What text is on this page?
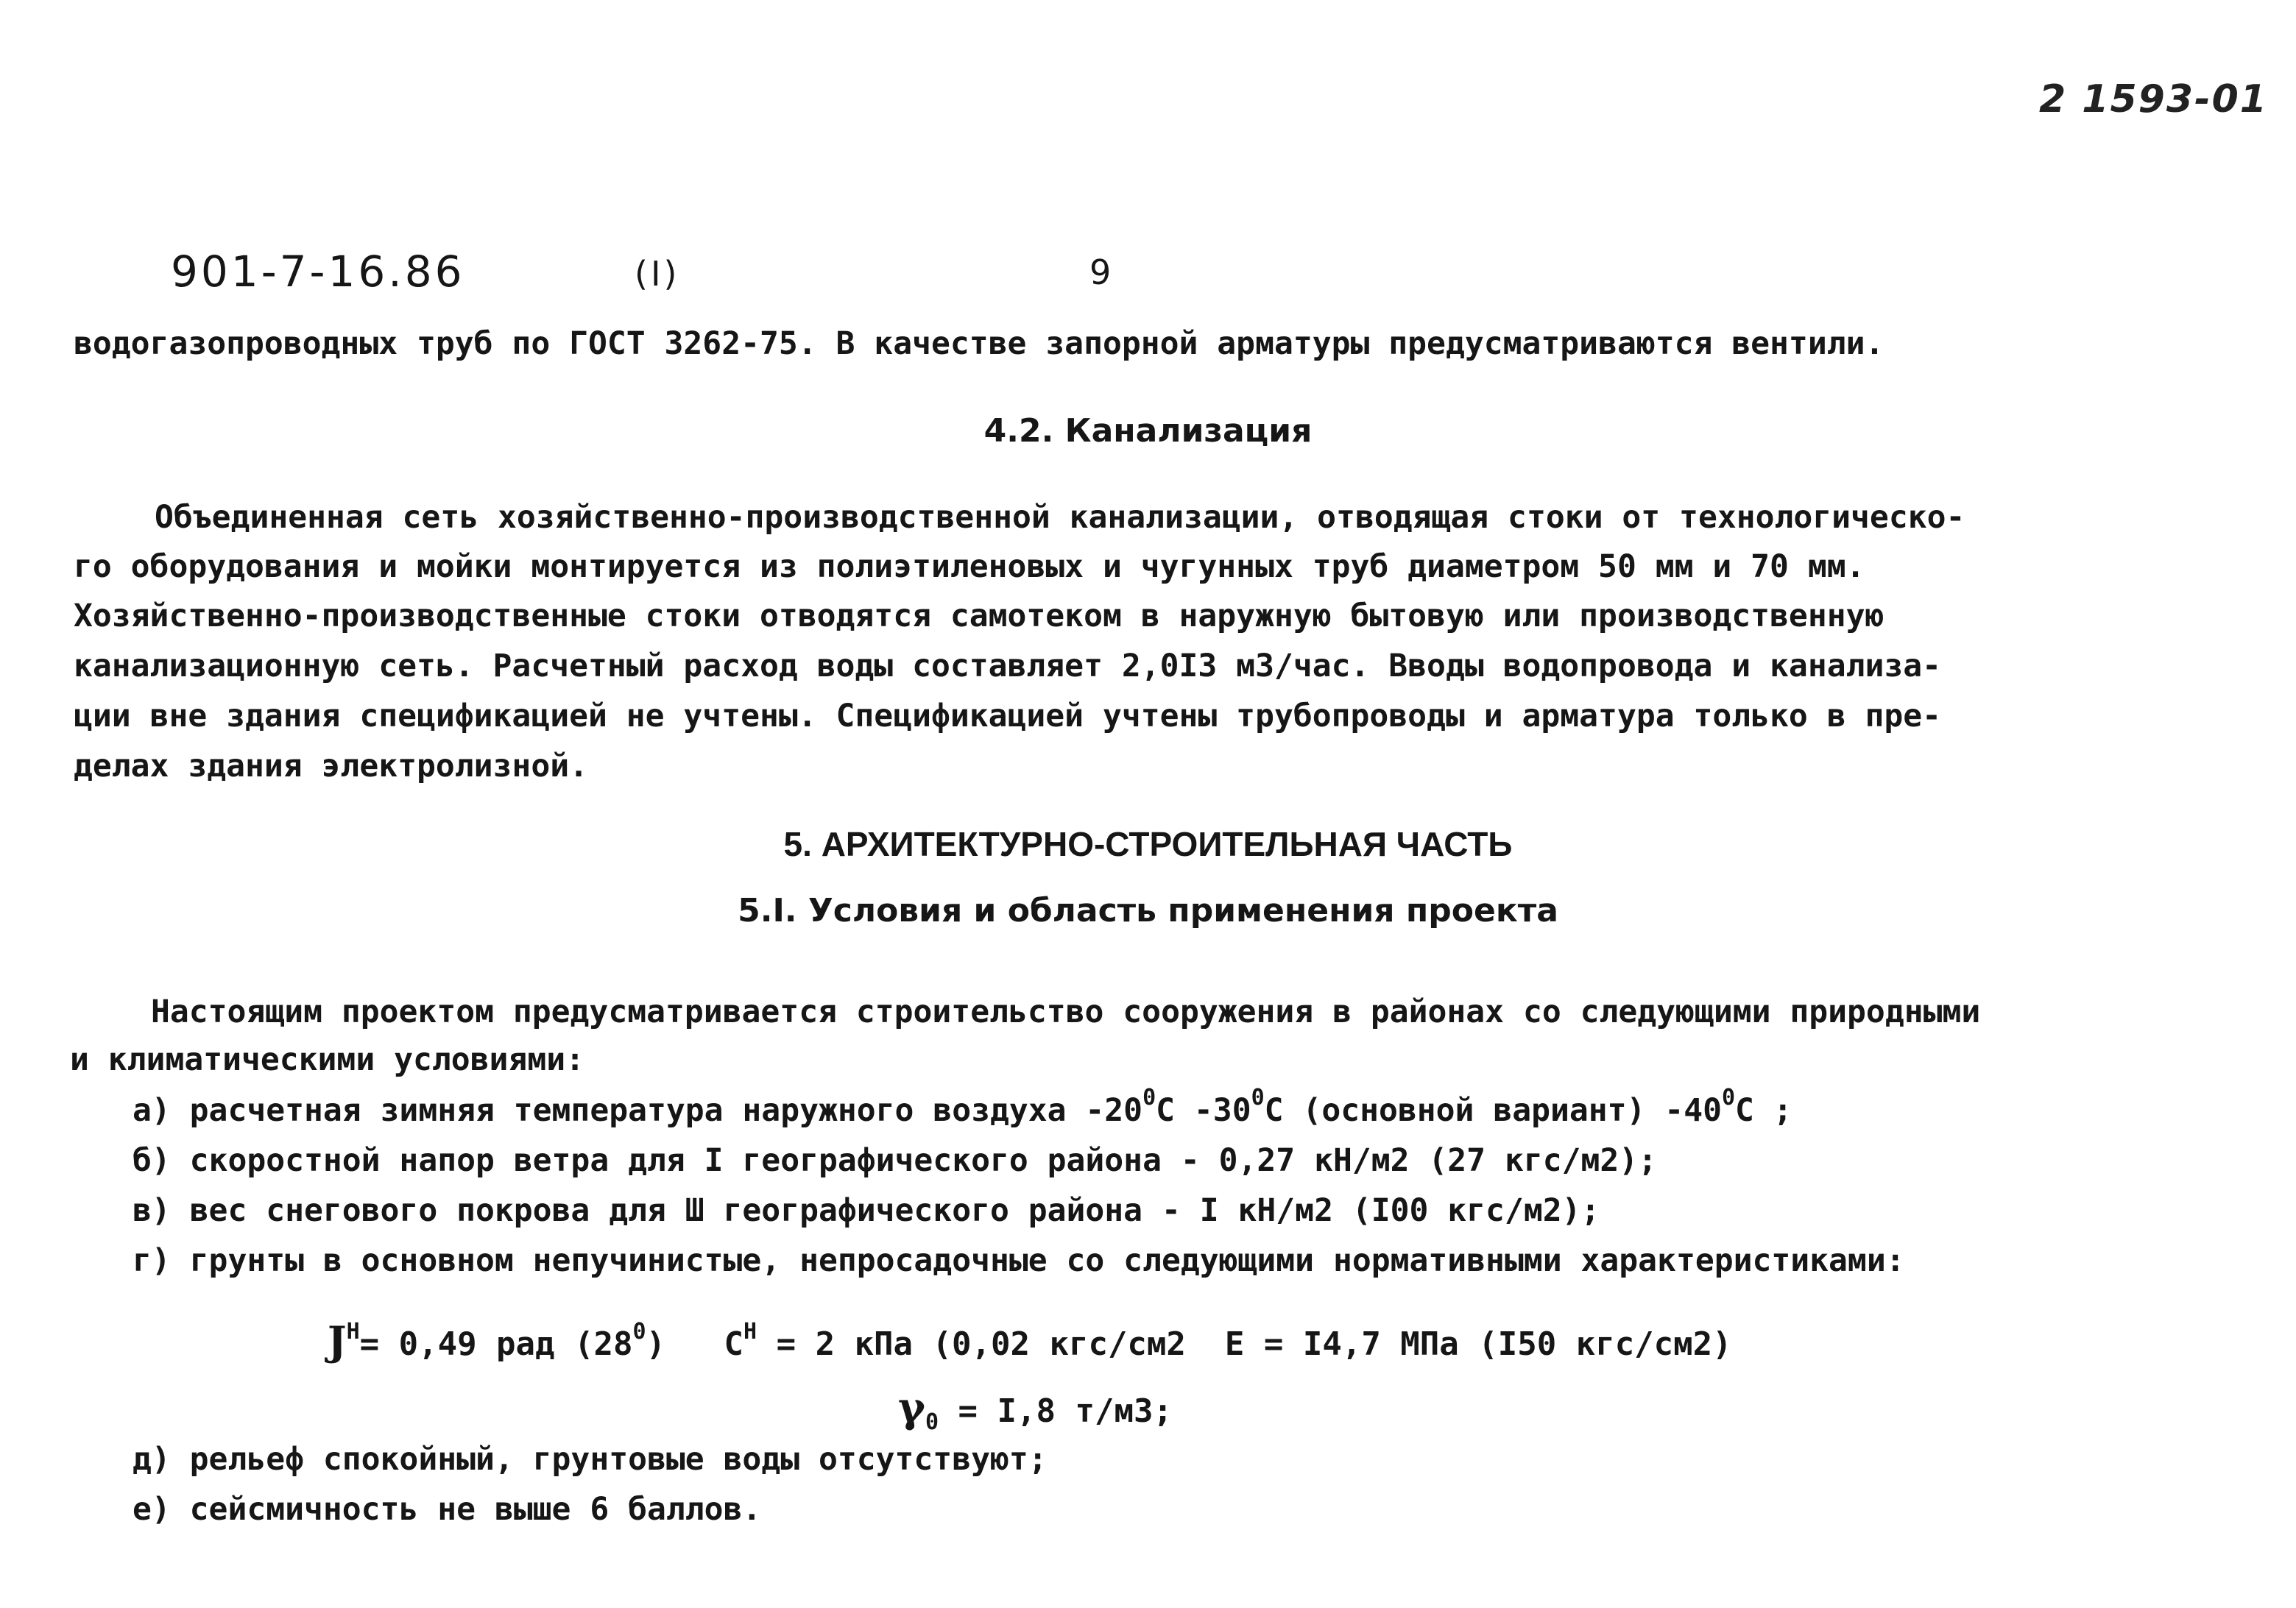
2 1593-01
901-7-16.86	(I)	9
водогазопроводных труб по ГОСТ 3262-75. В качестве запорной арматуры предусматриваются вентили.
4.2. Канализация
Объединенная сеть хозяйственно-производственной канализации, отводящая стоки от технологическо-
го оборудования и мойки монтируется из полиэтиленовых и чугунных труб диаметром 50 мм и 70 мм.
Хозяйственно-производственные стоки отводятся самотеком в наружную бытовую или производственную
канализационную сеть. Расчетный расход воды составляет 2,0I3 м3/час. Вводы водопровода и канализа-
ции вне здания спецификацией не учтены. Спецификацией учтены трубопроводы и арматура только в пре-
делах здания электролизной.
5. АРХИТЕКТУРНО-СТРОИТЕЛЬНАЯ ЧАСТЬ
5.I. Условия и область применения проекта
Настоящим проектом предусматривается строительство сооружения в районах со следующими природными
и климатическими условиями:
а) расчетная зимняя температура наружного воздуха $-20^0С$ $-30^0С$ (основной вариант) $-40^0С$ ;
б) скоростной напор ветра для I географического района - 0,27 кН/м2 (27 кгс/м2);
в) вес снегового покрова для Ш географического района - I кН/м2 (I00 кгс/м2);
г) грунты в основном непучинистые, непросадочные со следующими нормативными характеристиками:
$Ј^Н= 0,49$ рад $(28^0) С^Н = 2$ кПа (0,02 кгс/см2 Е = I4,7 МПа (I50 кгс/см2)
$\gamma_0 = I,8$ т/м3;
д) рельеф спокойный, грунтовые воды отсутствуют;
е) сейсмичность не выше 6 баллов.
